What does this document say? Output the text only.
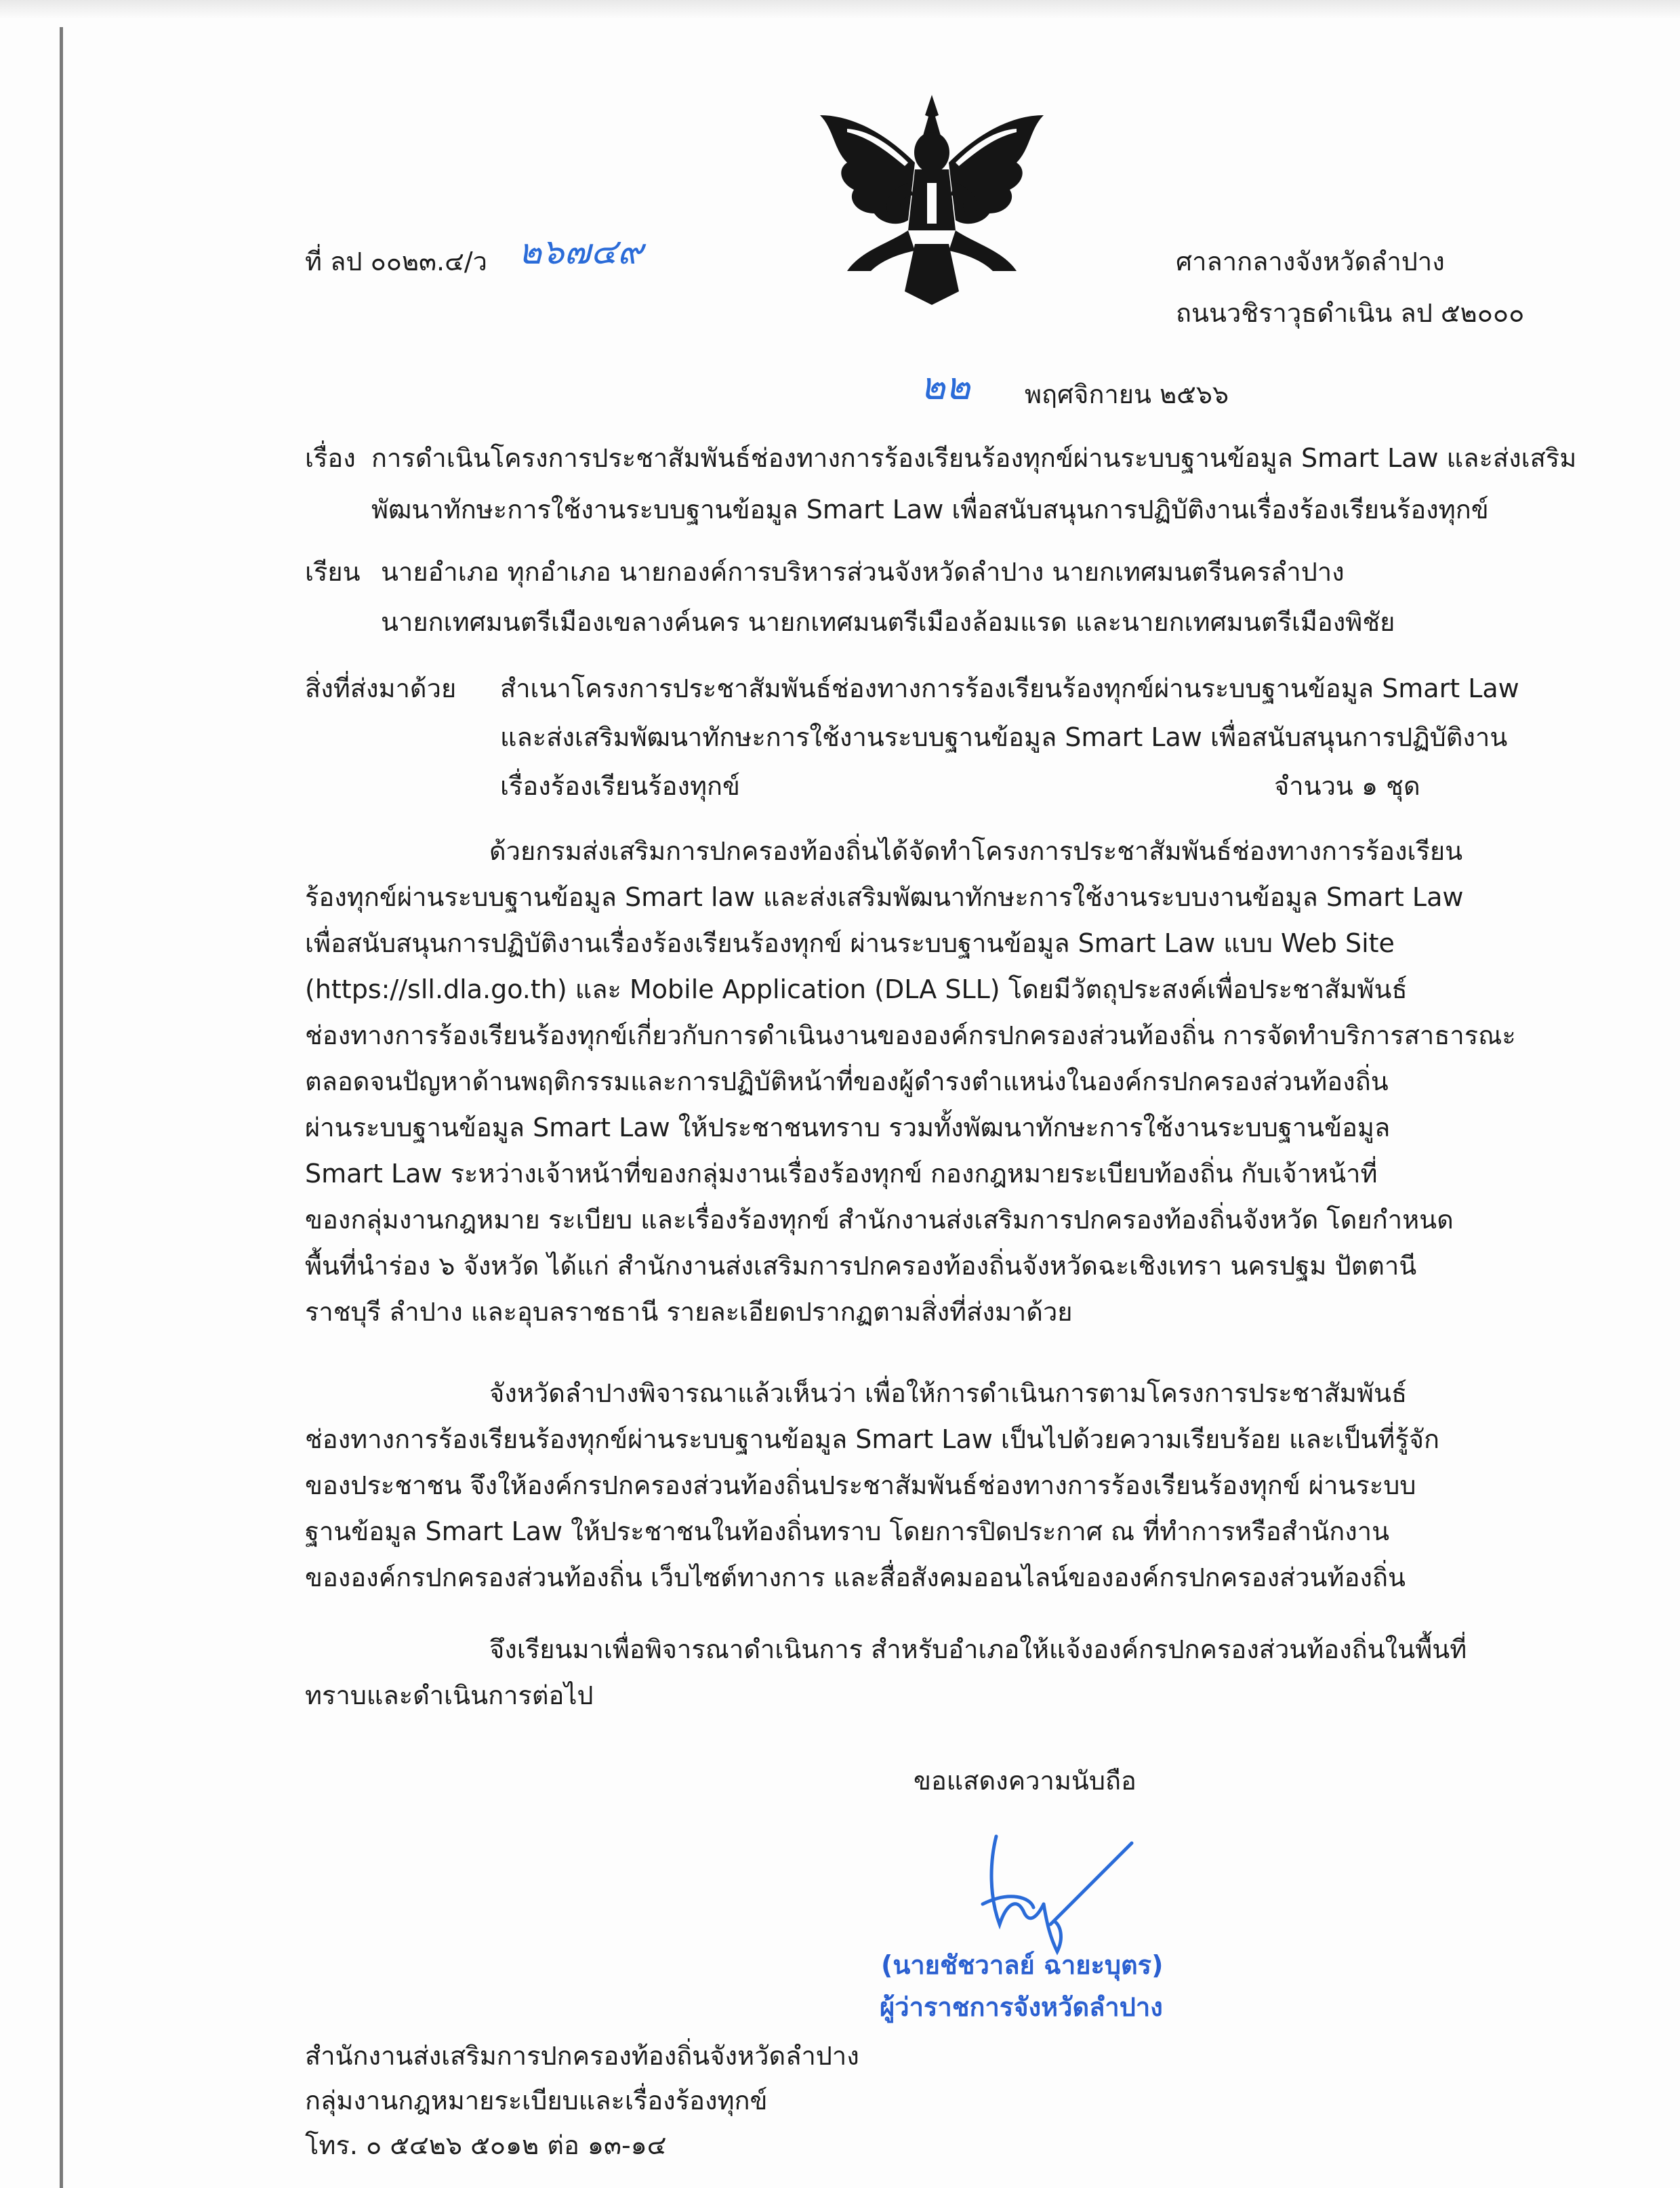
ที่ ลป ๐๐๒๓.๔/ว ๒๖๗๔๙	ศาลากลางจังหวัดลำปาง
ถนนวชิราวุธดำเนิน ลป ๕๒๐๐๐
๒๒ พฤศจิกายน ๒๕๖๖
เรื่อง การดำเนินโครงการประชาสัมพันธ์ช่องทางการร้องเรียนร้องทุกข์ผ่านระบบฐานข้อมูล Smart Law และส่งเสริม
พัฒนาทักษะการใช้งานระบบฐานข้อมูล Smart Law เพื่อสนับสนุนการปฏิบัติงานเรื่องร้องเรียนร้องทุกข์
เรียน นายอำเภอ ทุกอำเภอ นายกองค์การบริหารส่วนจังหวัดลำปาง นายกเทศมนตรีนครลำปาง
นายกเทศมนตรีเมืองเขลางค์นคร นายกเทศมนตรีเมืองล้อมแรด และนายกเทศมนตรีเมืองพิชัย
สิ่งที่ส่งมาด้วย สำเนาโครงการประชาสัมพันธ์ช่องทางการร้องเรียนร้องทุกข์ผ่านระบบฐานข้อมูล Smart Law
และส่งเสริมพัฒนาทักษะการใช้งานระบบฐานข้อมูล Smart Law เพื่อสนับสนุนการปฏิบัติงาน
เรื่องร้องเรียนร้องทุกข์	จำนวน ๑ ชุด
ด้วยกรมส่งเสริมการปกครองท้องถิ่นได้จัดทำโครงการประชาสัมพันธ์ช่องทางการร้องเรียน
ร้องทุกข์ผ่านระบบฐานข้อมูล Smart law และส่งเสริมพัฒนาทักษะการใช้งานระบบงานข้อมูล Smart Law
เพื่อสนับสนุนการปฏิบัติงานเรื่องร้องเรียนร้องทุกข์ ผ่านระบบฐานข้อมูล Smart Law แบบ Web Site
(https://sll.dla.go.th) และ Mobile Application (DLA SLL) โดยมีวัตถุประสงค์เพื่อประชาสัมพันธ์
ช่องทางการร้องเรียนร้องทุกข์เกี่ยวกับการดำเนินงานขององค์กรปกครองส่วนท้องถิ่น การจัดทำบริการสาธารณะ
ตลอดจนปัญหาด้านพฤติกรรมและการปฏิบัติหน้าที่ของผู้ดำรงตำแหน่งในองค์กรปกครองส่วนท้องถิ่น
ผ่านระบบฐานข้อมูล Smart Law ให้ประชาชนทราบ รวมทั้งพัฒนาทักษะการใช้งานระบบฐานข้อมูล
Smart Law ระหว่างเจ้าหน้าที่ของกลุ่มงานเรื่องร้องทุกข์ กองกฎหมายระเบียบท้องถิ่น กับเจ้าหน้าที่
ของกลุ่มงานกฎหมาย ระเบียบ และเรื่องร้องทุกข์ สำนักงานส่งเสริมการปกครองท้องถิ่นจังหวัด โดยกำหนด
พื้นที่นำร่อง ๖ จังหวัด ได้แก่ สำนักงานส่งเสริมการปกครองท้องถิ่นจังหวัดฉะเชิงเทรา นครปฐม ปัตตานี
ราชบุรี ลำปาง และอุบลราชธานี รายละเอียดปรากฏตามสิ่งที่ส่งมาด้วย
จังหวัดลำปางพิจารณาแล้วเห็นว่า เพื่อให้การดำเนินการตามโครงการประชาสัมพันธ์
ช่องทางการร้องเรียนร้องทุกข์ผ่านระบบฐานข้อมูล Smart Law เป็นไปด้วยความเรียบร้อย และเป็นที่รู้จัก
ของประชาชน จึงให้องค์กรปกครองส่วนท้องถิ่นประชาสัมพันธ์ช่องทางการร้องเรียนร้องทุกข์ ผ่านระบบ
ฐานข้อมูล Smart Law ให้ประชาชนในท้องถิ่นทราบ โดยการปิดประกาศ ณ ที่ทำการหรือสำนักงาน
ขององค์กรปกครองส่วนท้องถิ่น เว็บไซต์ทางการ และสื่อสังคมออนไลน์ขององค์กรปกครองส่วนท้องถิ่น
จึงเรียนมาเพื่อพิจารณาดำเนินการ สำหรับอำเภอให้แจ้งองค์กรปกครองส่วนท้องถิ่นในพื้นที่
ทราบและดำเนินการต่อไป
ขอแสดงความนับถือ
(นายชัชวาลย์ ฉายะบุตร)
ผู้ว่าราชการจังหวัดลำปาง
สำนักงานส่งเสริมการปกครองท้องถิ่นจังหวัดลำปาง
กลุ่มงานกฎหมายระเบียบและเรื่องร้องทุกข์
โทร. ๐ ๕๔๒๖ ๕๐๑๒ ต่อ ๑๓-๑๔
